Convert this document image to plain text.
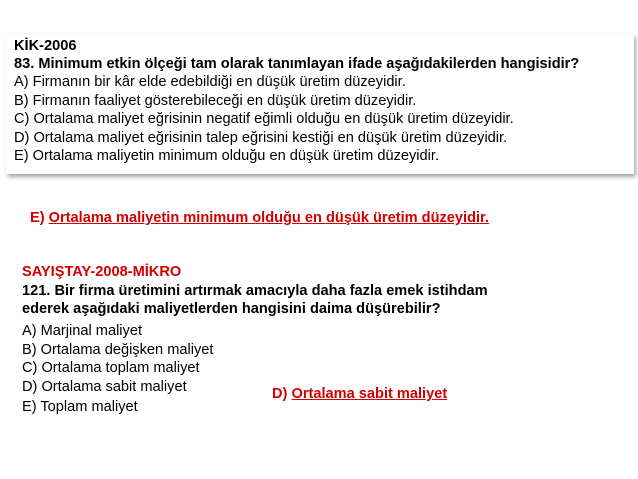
KİK-2006
83. Minimum etkin ölçeği tam olarak tanımlayan ifade aşağıdakilerden hangisidir?
A) Firmanın bir kâr elde edebildiği en düşük üretim düzeyidir.
B) Firmanın faaliyet gösterebileceği en düşük üretim düzeyidir.
C) Ortalama maliyet eğrisinin negatif eğimli olduğu en düşük üretim düzeyidir.
D) Ortalama maliyet eğrisinin talep eğrisini kestiği en düşük üretim düzeyidir.
E) Ortalama maliyetin minimum olduğu en düşük üretim düzeyidir.
E) Ortalama maliyetin minimum olduğu en düşük üretim düzeyidir.
SAYIŞTAY-2008-MİKRO
121. Bir firma üretimini artırmak amacıyla daha fazla emek istihdam
ederek aşağıdaki maliyetlerden hangisini daima düşürebilir?
A) Marjinal maliyet
B) Ortalama değişken maliyet
C) Ortalama toplam maliyet
D) Ortalama sabit maliyet
E) Toplam maliyet
D) Ortalama sabit maliyet
